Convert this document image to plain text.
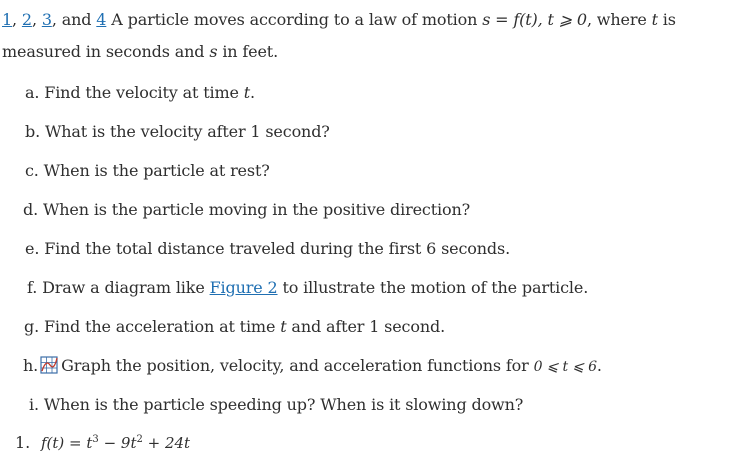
1, 2, 3, and 4 A particle moves according to a law of motion s = f(t), t ⩾ 0, where t is measured in seconds and s in feet.
a. Find the velocity at time t.
b. What is the velocity after 1 second?
c. When is the particle at rest?
d. When is the particle moving in the positive direction?
e. Find the total distance traveled during the first 6 seconds.
f. Draw a diagram like Figure 2 to illustrate the motion of the particle.
g. Find the acceleration at time t and after 1 second.
h. Graph the position, velocity, and acceleration functions for 0 ⩽ t ⩽ 6.
i. When is the particle speeding up? When is it slowing down?
1. $f(t) = t^3 - 9t^2 + 24t$
